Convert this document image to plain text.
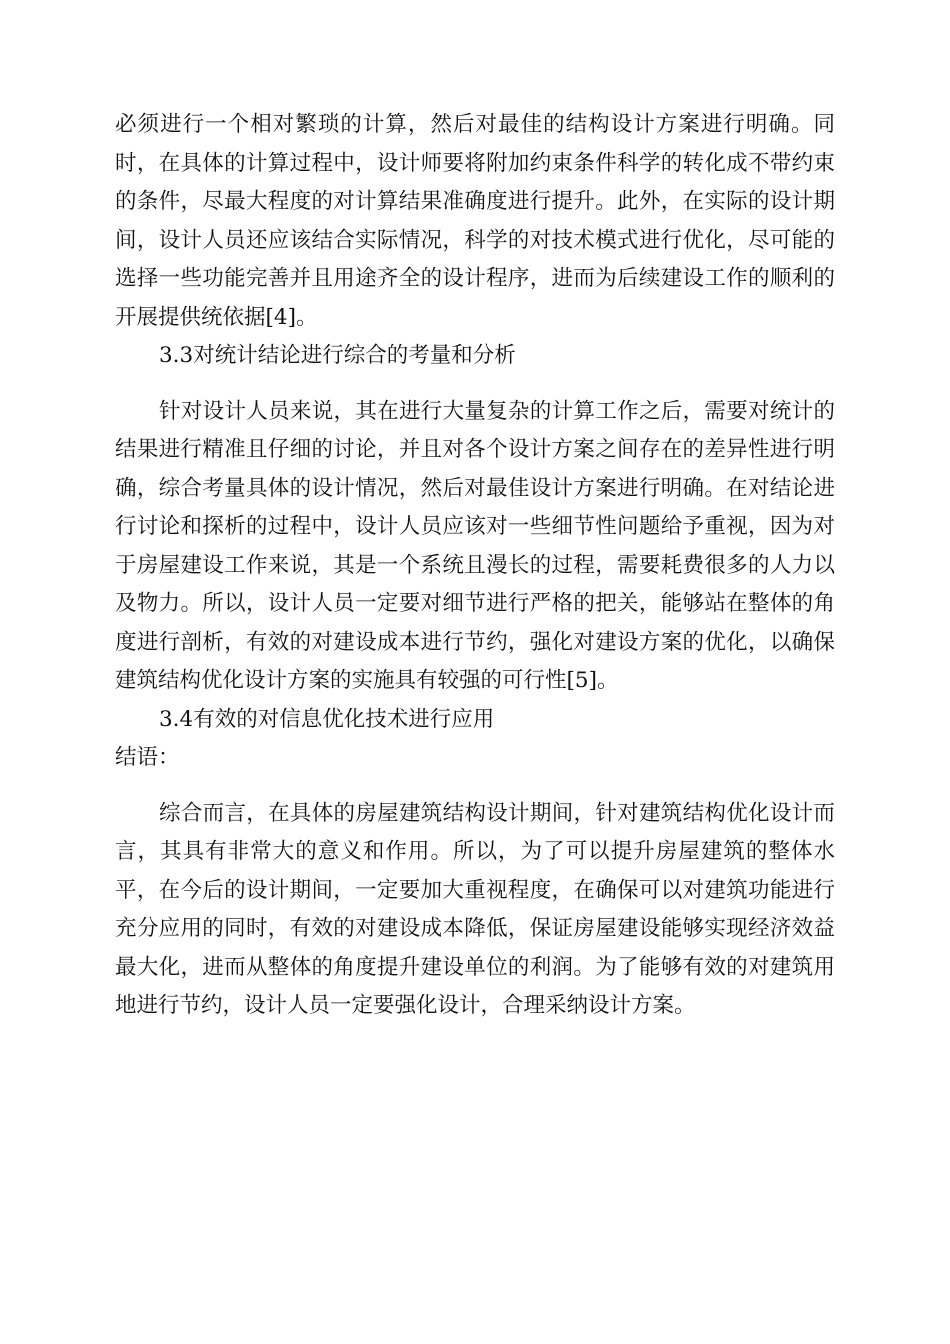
必须进行一个相对繁琐的计算，然后对最佳的结构设计方案进行明确。同时，在具体的计算过程中，设计师要将附加约束条件科学的转化成不带约束的条件，尽最大程度的对计算结果准确度进行提升。此外，在实际的设计期间，设计人员还应该结合实际情况，科学的对技术模式进行优化，尽可能的选择一些功能完善并且用途齐全的设计程序，进而为后续建设工作的顺利的开展提供统依据[4]。

3.3对统计结论进行综合的考量和分析

针对设计人员来说，其在进行大量复杂的计算工作之后，需要对统计的结果进行精准且仔细的讨论，并且对各个设计方案之间存在的差异性进行明确，综合考量具体的设计情况，然后对最佳设计方案进行明确。在对结论进行讨论和探析的过程中，设计人员应该对一些细节性问题给予重视，因为对于房屋建设工作来说，其是一个系统且漫长的过程，需要耗费很多的人力以及物力。所以，设计人员一定要对细节进行严格的把关，能够站在整体的角度进行剖析，有效的对建设成本进行节约，强化对建设方案的优化，以确保建筑结构优化设计方案的实施具有较强的可行性[5]。

3.4有效的对信息优化技术进行应用

结语：

综合而言，在具体的房屋建筑结构设计期间，针对建筑结构优化设计而言，其具有非常大的意义和作用。所以，为了可以提升房屋建筑的整体水平，在今后的设计期间，一定要加大重视程度，在确保可以对建筑功能进行充分应用的同时，有效的对建设成本降低，保证房屋建设能够实现经济效益最大化，进而从整体的角度提升建设单位的利润。为了能够有效的对建筑用地进行节约，设计人员一定要强化设计，合理采纳设计方案。
